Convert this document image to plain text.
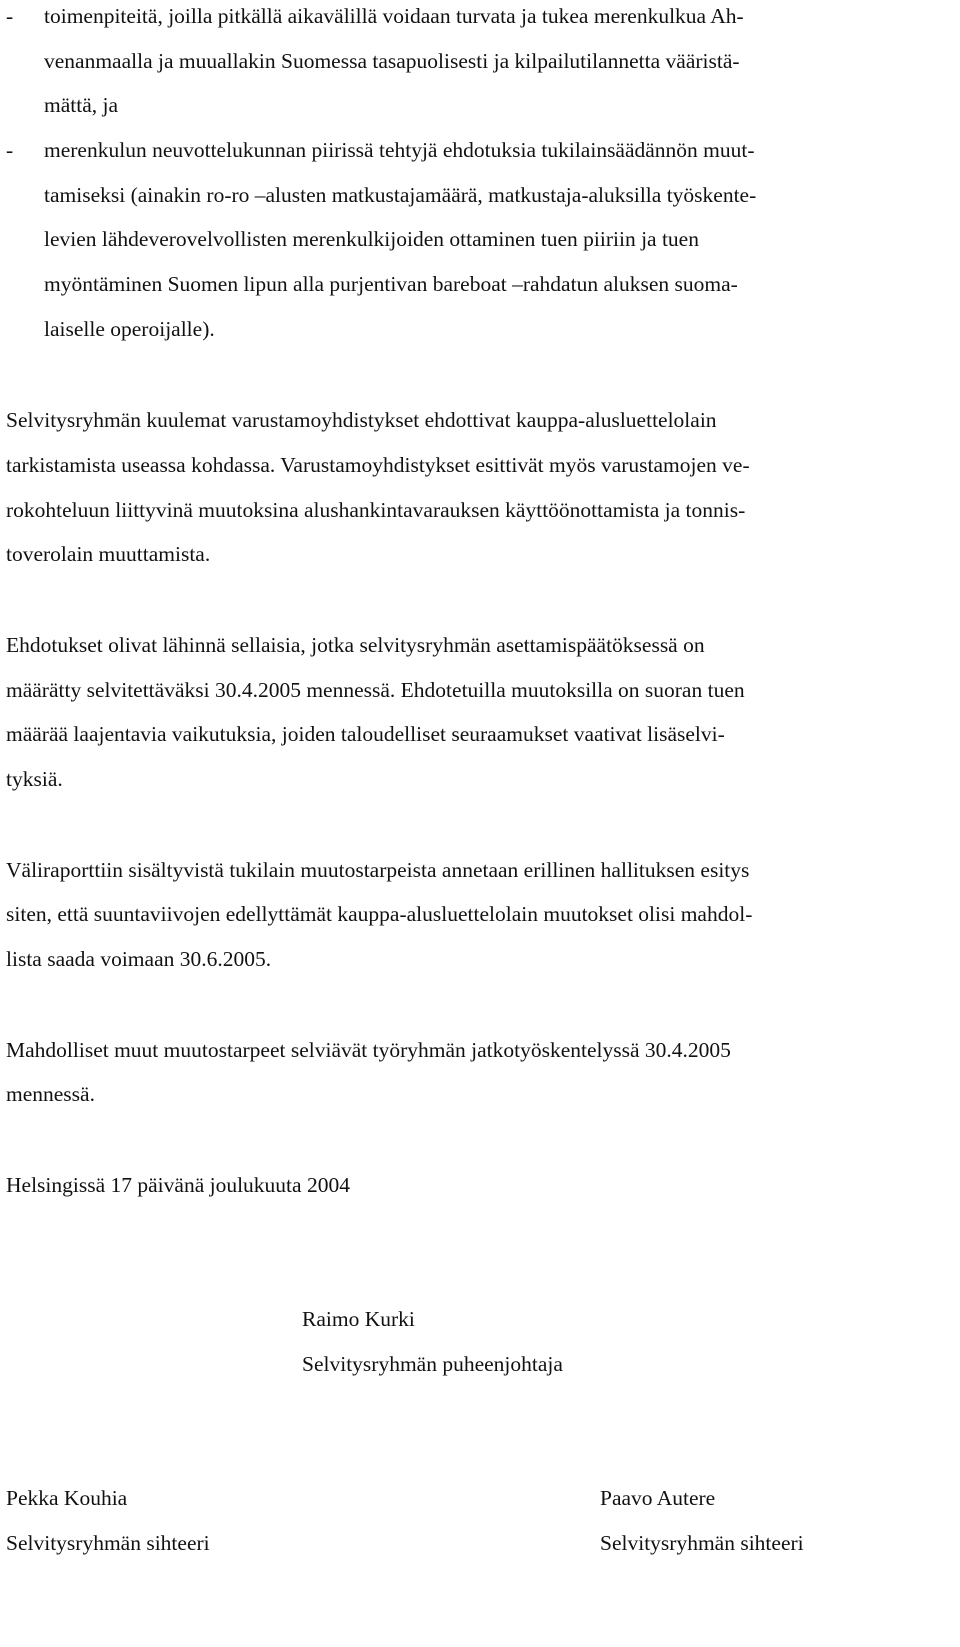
- toimenpiteitä, joilla pitkällä aikavälillä voidaan turvata ja tukea merenkulkua Ah-
venanmaalla ja muuallakin Suomessa tasapuolisesti ja kilpailutilannetta vääristä-
mättä, ja
- merenkulun neuvottelukunnan piirissä tehtyjä ehdotuksia tukilainsäädännön muut-
tamiseksi (ainakin ro-ro –alusten matkustajamäärä, matkustaja-aluksilla työskente-
levien lähdeverovelvollisten merenkulkijoiden ottaminen tuen piiriin ja tuen
myöntäminen Suomen lipun alla purjentivan bareboat –rahdatun aluksen suoma-
laiselle operoijalle).
Selvitysryhmän kuulemat varustamoyhdistykset ehdottivat kauppa-alusluettelolain
tarkistamista useassa kohdassa. Varustamoyhdistykset esittivät myös varustamojen ve-
rokohteluun liittyvinä muutoksina alushankintavarauksen käyttöönottamista ja tonnis-
toverolain muuttamista.
Ehdotukset olivat lähinnä sellaisia, jotka selvitysryhmän asettamispäätöksessä on
määrätty selvitettäväksi 30.4.2005 mennessä. Ehdotetuilla muutoksilla on suoran tuen
määrää laajentavia vaikutuksia, joiden taloudelliset seuraamukset vaativat lisäselvi-
tyksiä.
Väliraporttiin sisältyvistä tukilain muutostarpeista annetaan erillinen hallituksen esitys
siten, että suuntaviivojen edellyttämät kauppa-alusluettelolain muutokset olisi mahdol-
lista saada voimaan 30.6.2005.
Mahdolliset muut muutostarpeet selviävät työryhmän jatkotyöskentelyssä 30.4.2005
mennessä.
Helsingissä 17 päivänä joulukuuta 2004
Raimo Kurki
Selvitysryhmän puheenjohtaja
Pekka Kouhia
Selvitysryhmän sihteeri
Paavo Autere
Selvitysryhmän sihteeri
